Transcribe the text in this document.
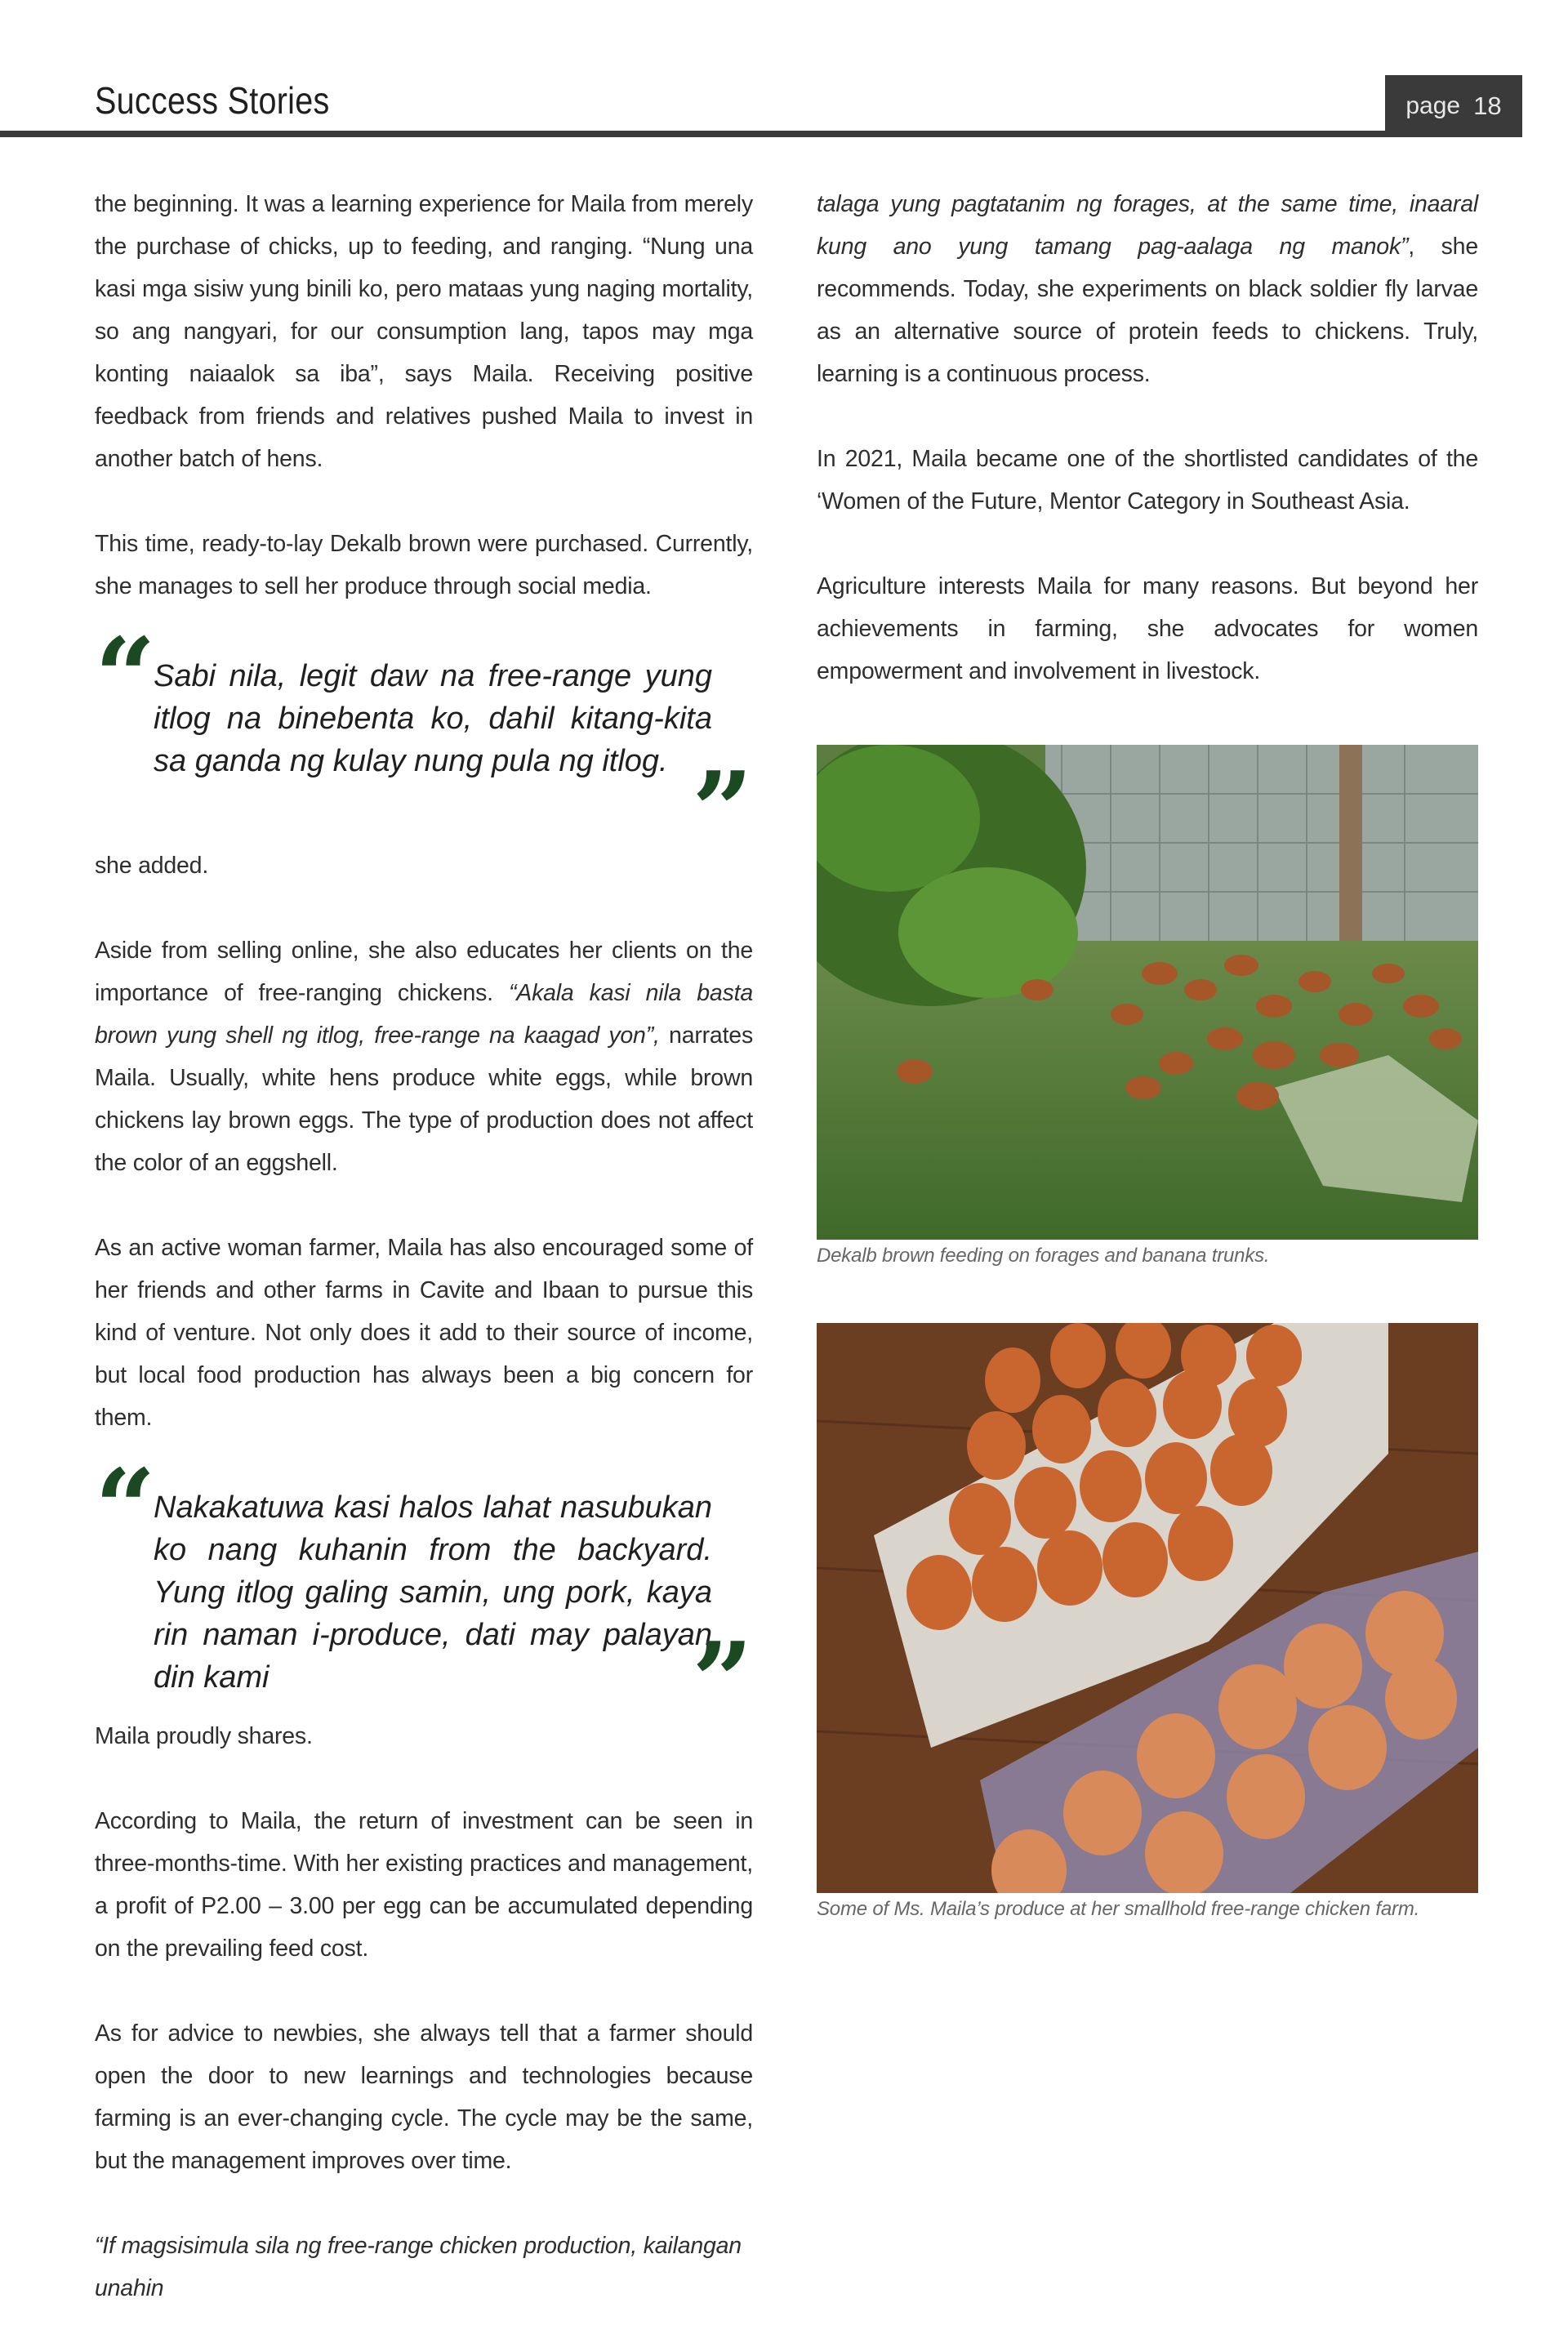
Success Stories	page 18

the beginning. It was a learning experience for Maila from merely the purchase of chicks, up to feeding, and ranging. “Nung una kasi mga sisiw yung binili ko, pero mataas yung naging mortality, so ang nangyari, for our consumption lang, tapos may mga konting naiaalok sa iba”, says Maila. Receiving positive feedback from friends and relatives pushed Maila to invest in another batch of hens.

This time, ready-to-lay Dekalb brown were purchased. Currently, she manages to sell her produce through social media.

“
Sabi nila, legit daw na free-range yung itlog na binebenta ko, dahil kitang-kita sa ganda ng kulay nung pula ng itlog. ”

she added.

Aside from selling online, she also educates her clients on the importance of free-ranging chickens. “Akala kasi nila basta brown yung shell ng itlog, free-range na kaagad yon”, narrates Maila. Usually, white hens produce white eggs, while brown chickens lay brown eggs. The type of production does not affect the color of an eggshell.

As an active woman farmer, Maila has also encouraged some of her friends and other farms in Cavite and Ibaan to pursue this kind of venture. Not only does it add to their source of income, but local food production has always been a big concern for them.

“
Nakakatuwa kasi halos lahat nasubukan ko nang kuhanin from the backyard. Yung itlog galing samin, ung pork, kaya rin naman i-produce, dati may palayan din kami	”

Maila proudly shares.

According to Maila, the return of investment can be seen in three-months-time. With her existing practices and management, a profit of P2.00 – 3.00 per egg can be accumulated depending on the prevailing feed cost.

As for advice to newbies, she always tell that a farmer should open the door to new learnings and technologies because farming is an ever-changing cycle. The cycle may be the same, but the management improves over time.

“If magsisimula sila ng free-range chicken production, kailangan unahin

talaga yung pagtatanim ng forages, at the same time, inaaral kung ano yung tamang pag-aalaga ng manok”, she recommends. Today, she experiments on black soldier fly larvae as an alternative source of protein feeds to chickens. Truly, learning is a continuous process.

In 2021, Maila became one of the shortlisted candidates of the ‘Women of the Future, Mentor Category in Southeast Asia.

Agriculture interests Maila for many reasons. But beyond her achievements in farming, she advocates for women empowerment and involvement in livestock.

Dekalb brown feeding on forages and banana trunks.

Some of Ms. Maila’s produce at her smallhold free-range chicken farm.
